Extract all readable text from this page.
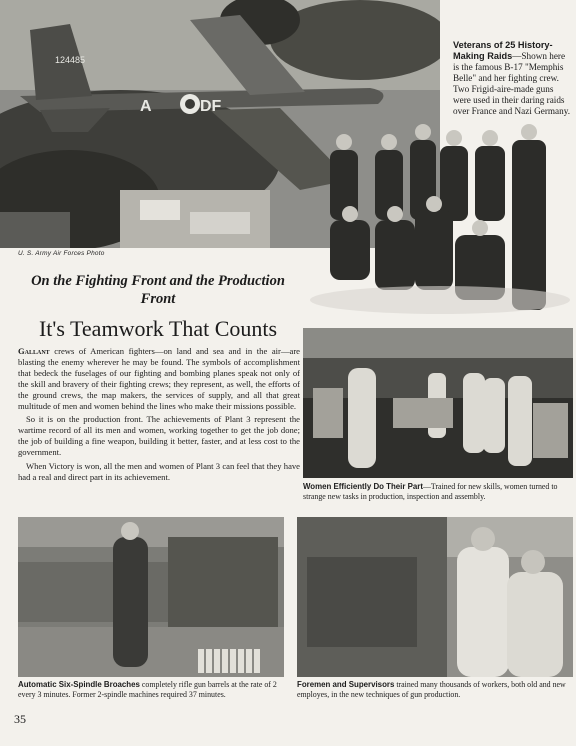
124485
A	DF
U. S. Army Air Forces Photo
Veterans of 25 History-Making Raids—Shown here is the famous B-17 "Memphis Belle" and her fighting crew. Two Frigid-aire-made guns were used in their daring raids over France and Nazi Germany.
On the Fighting Front and the Production Front
It's Teamwork That Counts

Gallant crews of American fighters—on land and sea and in the air—are blasting the enemy wherever he may be found. The symbols of accomplishment that bedeck the fuselages of our fighting and bombing planes speak not only of the skill and bravery of their fighting crews; they represent, as well, the efforts of the ground crews, the map makers, the services of supply, and all that great multitude of men and women behind the lines who make their missions possible.

So it is on the production front. The achievements of Plant 3 represent the wartime record of all its men and women, working together to get the job done; the job of building a fine weapon, building it better, faster, and at less cost to the government.

When Victory is won, all the men and women of Plant 3 can feel that they have had a real and direct part in its achievement.

Women Efficiently Do Their Part—Trained for new skills, women turned to strange new tasks in production, inspection and assembly.
Automatic Six-Spindle Broaches completely rifle gun barrels at the rate of 2 every 3 minutes. Former 2-spindle machines required 37 minutes.
Foremen and Supervisors trained many thousands of workers, both old and new employes, in the new techniques of gun production.
35
